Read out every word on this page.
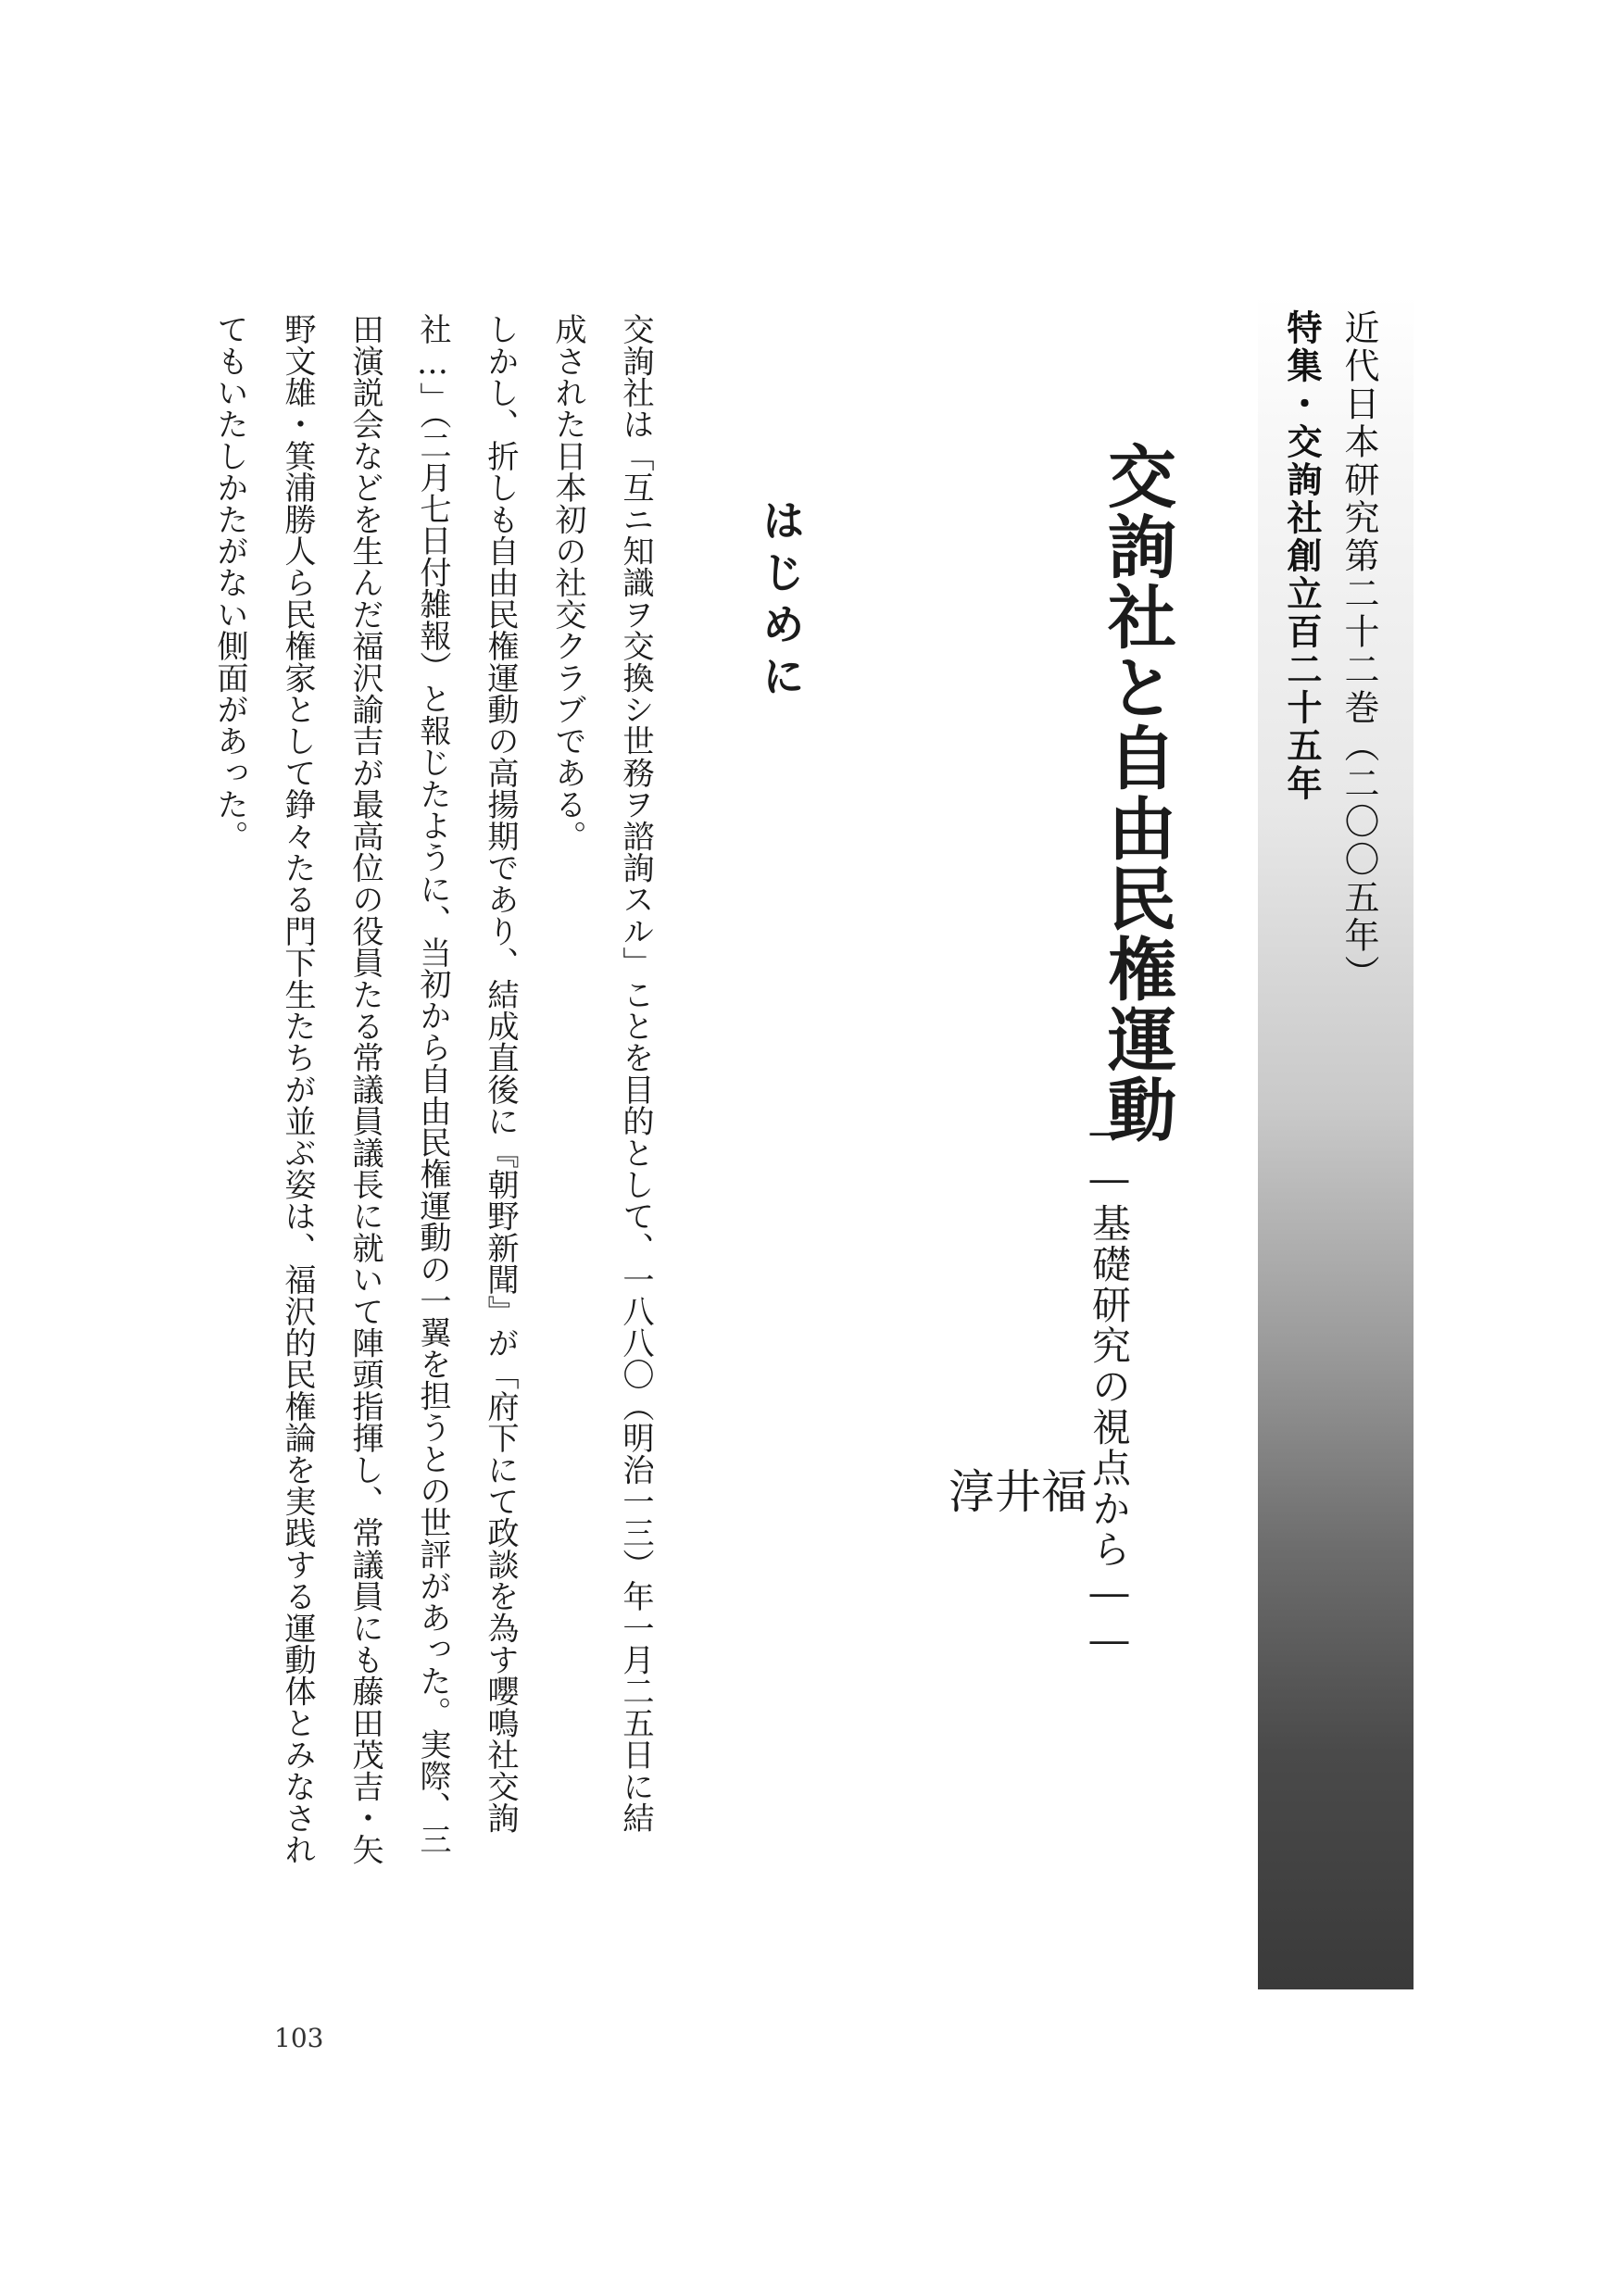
近代日本研究第二十二巻（二〇〇五年）
特集・交詢社創立百二十五年
交詢社と自由民権運動
――基礎研究の視点から――
福
井
淳
はじめに
交詢社は「互ニ知識ヲ交換シ世務ヲ諮詢スル」ことを目的として、一八八〇（明治一三）年一月二五日に結
成された日本初の社交クラブである。
しかし、折しも自由民権運動の高揚期であり、結成直後に『朝野新聞』が「府下にて政談を為す嚶鳴社交詢
社…」（二月七日付雑報）と報じたように、当初から自由民権運動の一翼を担うとの世評があった。実際、三
田演説会などを生んだ福沢諭吉が最高位の役員たる常議員議長に就いて陣頭指揮し、常議員にも藤田茂吉・矢
野文雄・箕浦勝人ら民権家として錚々たる門下生たちが並ぶ姿は、福沢的民権論を実践する運動体とみなされ
てもいたしかたがない側面があった。
103
